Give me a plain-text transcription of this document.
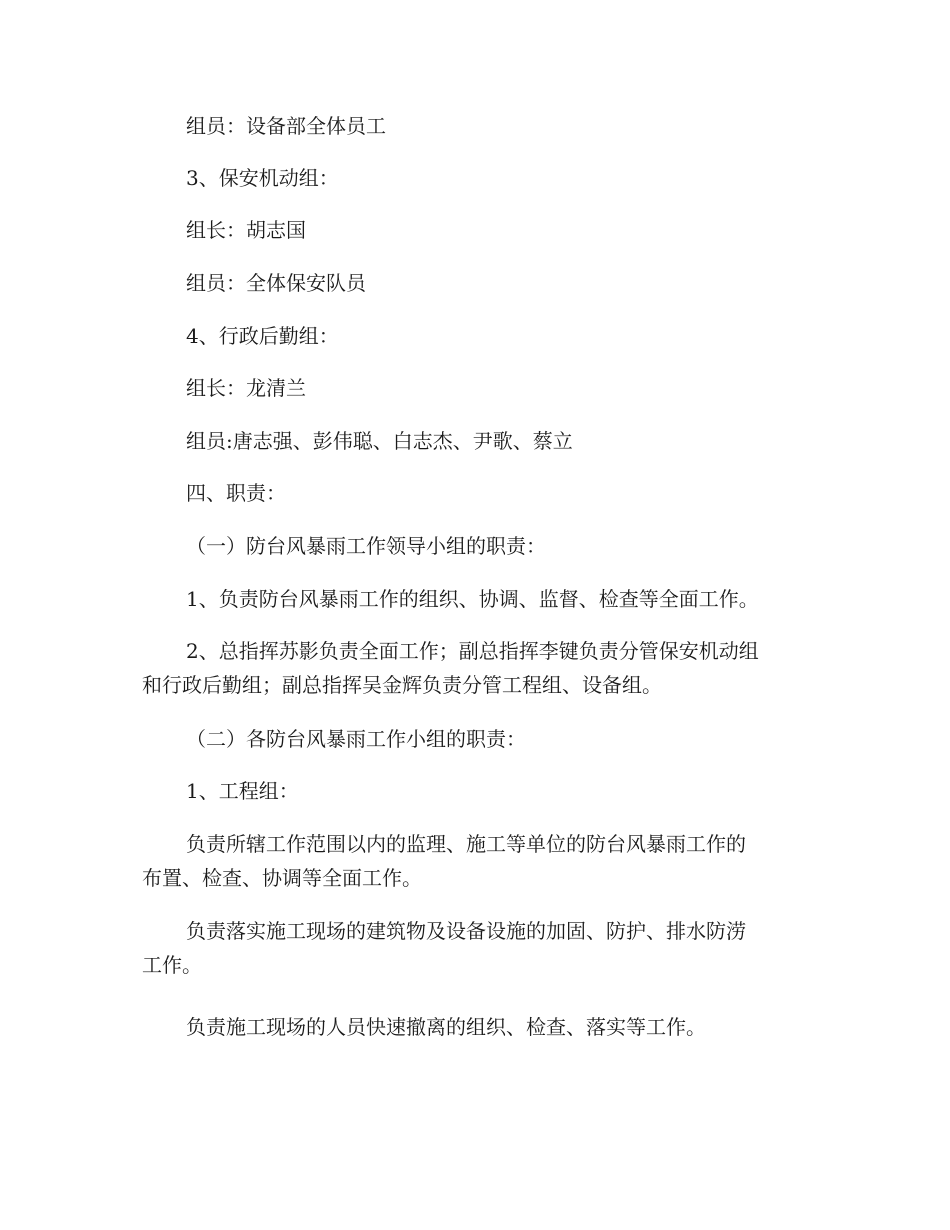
组员：设备部全体员工

3、保安机动组：

组长：胡志国

组员：全体保安队员

4、行政后勤组：

组长：龙清兰

组员:唐志强、彭伟聪、白志杰、尹歌、蔡立

四、职责：

（一）防台风暴雨工作领导小组的职责：

1、负责防台风暴雨工作的组织、协调、监督、检查等全面工作。

2、总指挥苏影负责全面工作；副总指挥李键负责分管保安机动组
和行政后勤组；副总指挥吴金辉负责分管工程组、设备组。

（二）各防台风暴雨工作小组的职责：

1、工程组：

负责所辖工作范围以内的监理、施工等单位的防台风暴雨工作的
布置、检查、协调等全面工作。

负责落实施工现场的建筑物及设备设施的加固、防护、排水防涝
工作。

负责施工现场的人员快速撤离的组织、检查、落实等工作。
